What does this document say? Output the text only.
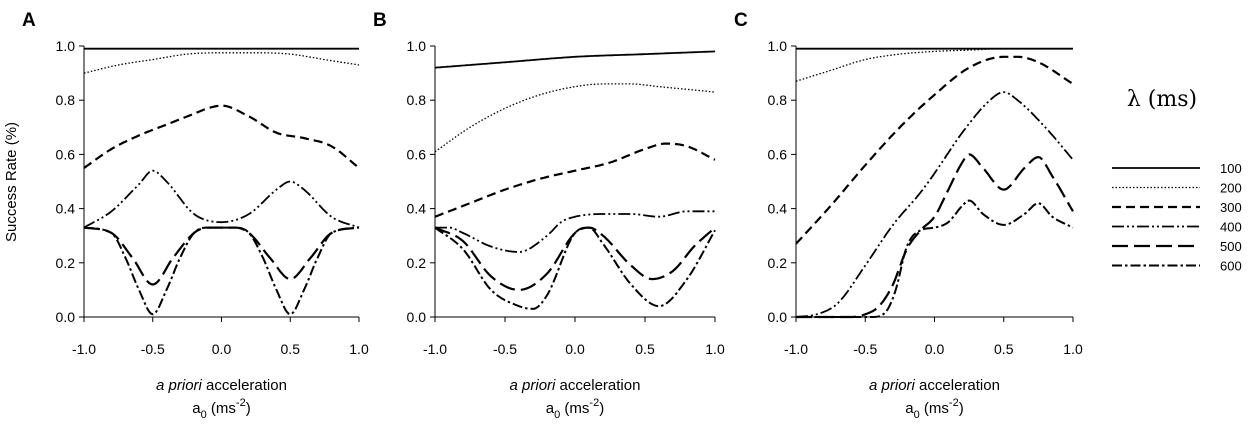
Success Rate (%)
A
0.0
0.2
0.4
0.6
0.8
1.0
-1.0	-0.5	0.0	0.5	1.0
a priori acceleration
$a_0$ $(ms^{-2})$
B
0.0
0.2
0.4
0.6
0.8
1.0
-1.0	-0.5	0.0	0.5	1.0
a priori acceleration
$a_0$ $(ms^{-2})$
C
0.0
0.2
0.4
0.6
0.8
1.0
-1.0	-0.5	0.0	0.5	1.0
a priori acceleration
$a_0$ $(ms^{-2})$
λ (ms)
100
200
300
400
500
600
